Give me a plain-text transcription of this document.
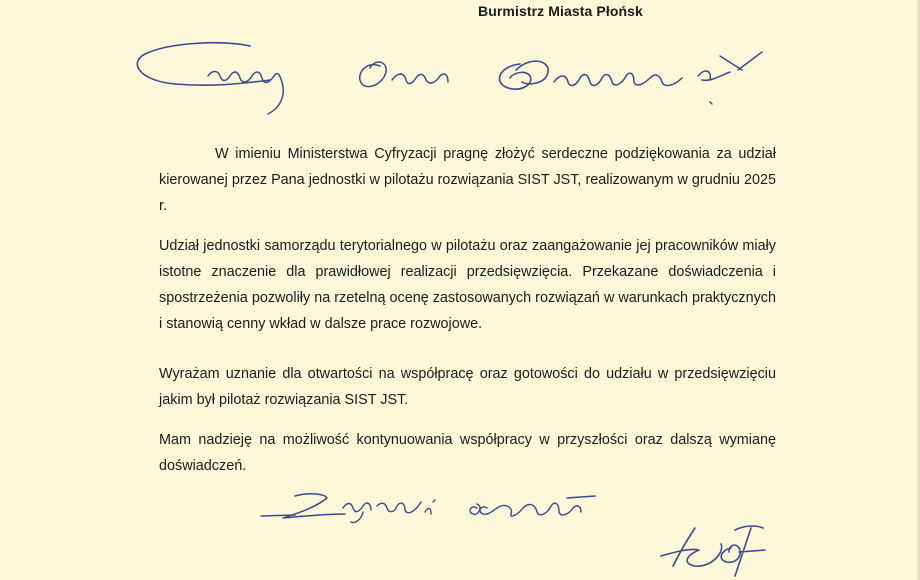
Burmistrz Miasta Płońsk

W imieniu Ministerstwa Cyfryzacji pragnę złożyć serdeczne podziękowania za udział kierowanej przez Pana jednostki w pilotażu rozwiązania SIST JST, realizowanym w grudniu 2025 r.

Udział jednostki samorządu terytorialnego w pilotażu oraz zaangażowanie jej pracowników miały istotne znaczenie dla prawidłowej realizacji przedsięwzięcia. Przekazane doświadczenia i spostrzeżenia pozwoliły na rzetelną ocenę zastosowanych rozwiązań w warunkach praktycznych i stanowią cenny wkład w dalsze prace rozwojowe.

Wyrażam uznanie dla otwartości na współpracę oraz gotowości do udziału w przedsięwzięciu jakim był pilotaż rozwiązania SIST JST.

Mam nadzieję na możliwość kontynuowania współpracy w przyszłości oraz dalszą wymianę doświadczeń.
